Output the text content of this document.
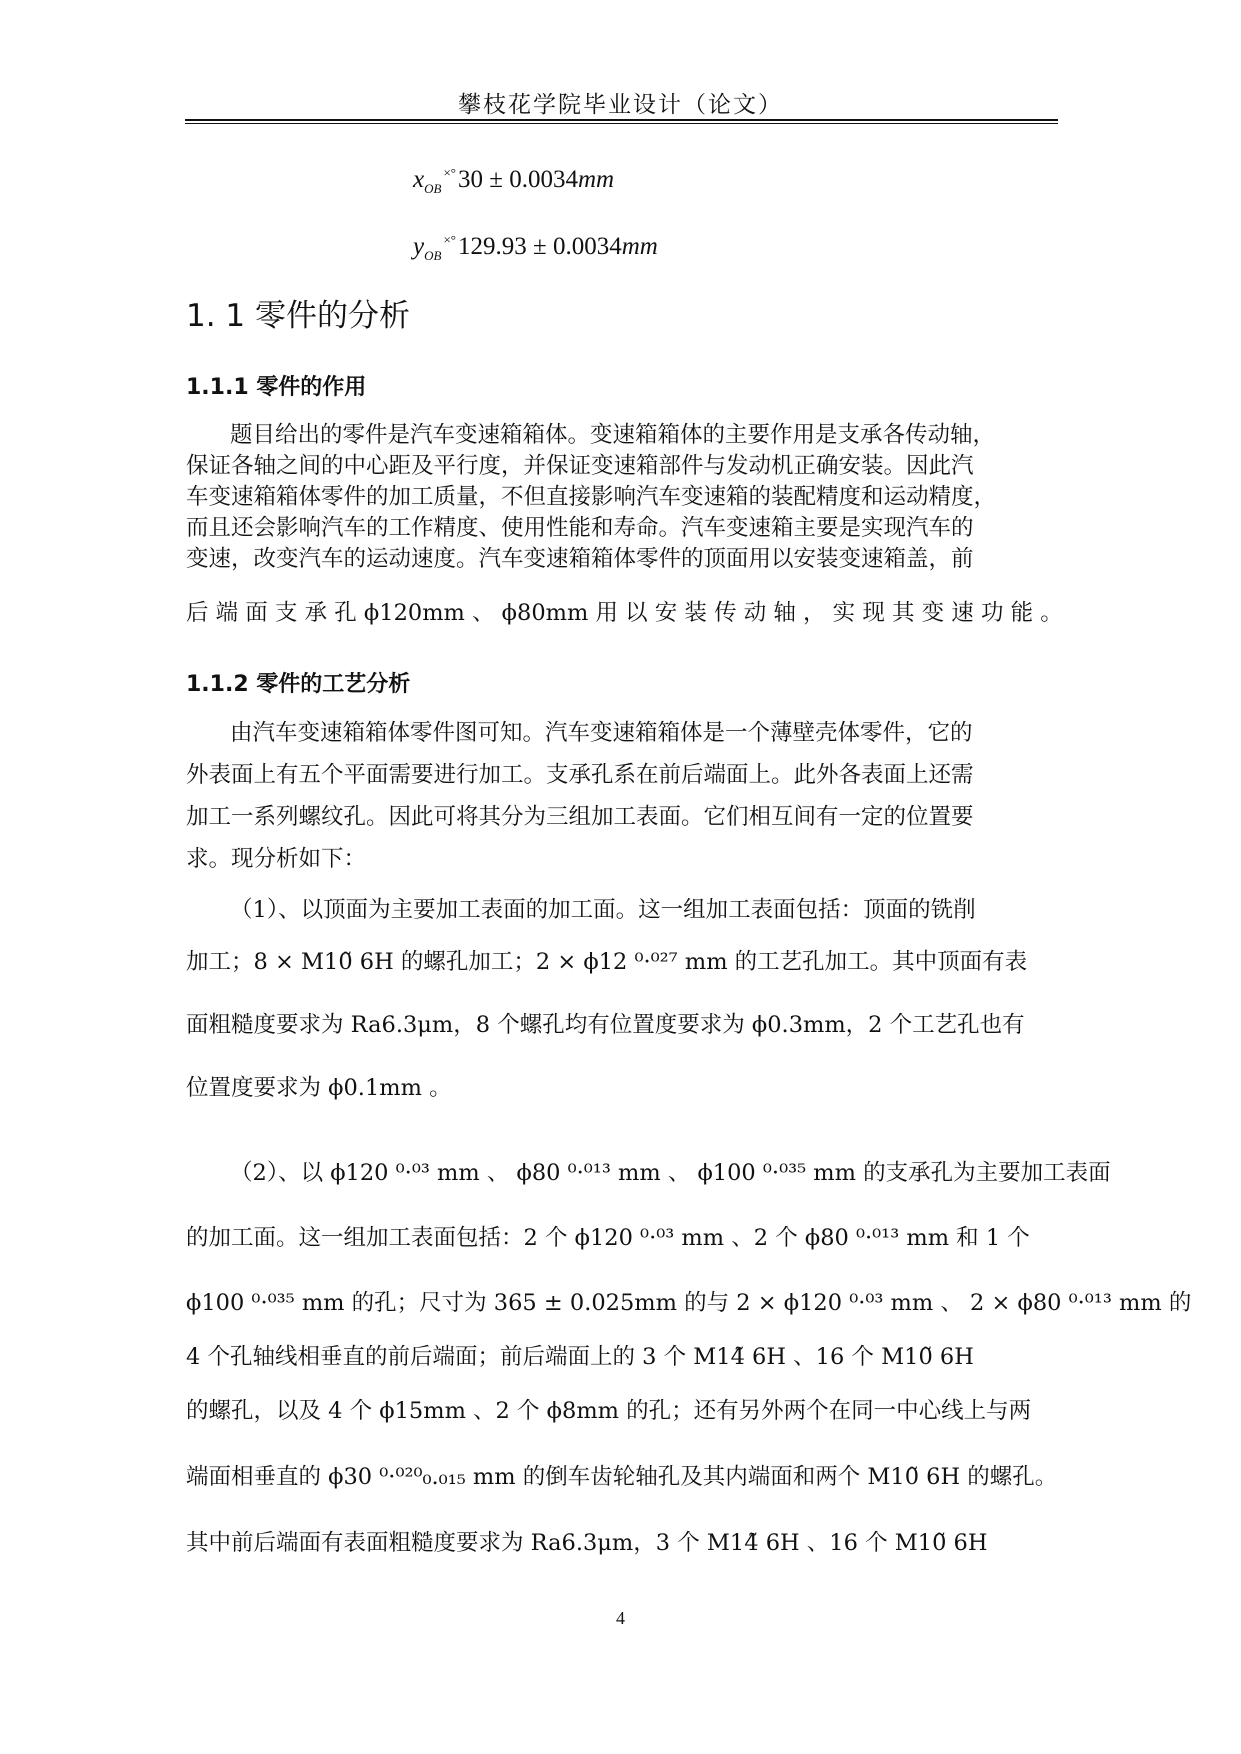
攀枝花学院毕业设计（论文）
$x_{OB}^{\times^\circ}30 \pm 0.0034mm$
$y_{OB}^{\times^\circ}129.93 \pm 0.0034mm$
1. 1 零件的分析
1.1.1 零件的作用
题目给出的零件是汽车变速箱箱体。变速箱箱体的主要作用是支承各传动轴，
保证各轴之间的中心距及平行度，并保证变速箱部件与发动机正确安装。因此汽
车变速箱箱体零件的加工质量，不但直接影响汽车变速箱的装配精度和运动精度，
而且还会影响汽车的工作精度、使用性能和寿命。汽车变速箱主要是实现汽车的
变速，改变汽车的运动速度。汽车变速箱箱体零件的顶面用以安装变速箱盖，前
后 端 面 支 承 孔 ϕ120mm 、 ϕ80mm 用 以 安 装 传 动 轴 ， 实 现 其 变 速 功 能 。
1.1.2 零件的工艺分析
由汽车变速箱箱体零件图可知。汽车变速箱箱体是一个薄壁壳体零件，它的
外表面上有五个平面需要进行加工。支承孔系在前后端面上。此外各表面上还需
加工一系列螺纹孔。因此可将其分为三组加工表面。它们相互间有一定的位置要
求。现分析如下：
（1）、以顶面为主要加工表面的加工面。这一组加工表面包括：顶面的铣削
加工；8 × M10̃ 6H 的螺孔加工；2 × ϕ12 ⁰·⁰²⁷ mm 的工艺孔加工。其中顶面有表
面粗糙度要求为 Ra6.3μm，8 个螺孔均有位置度要求为 ϕ0.3mm，2 个工艺孔也有
位置度要求为 ϕ0.1mm 。
（2）、以 ϕ120 ⁰·⁰³ mm 、 ϕ80 ⁰·⁰¹³ mm 、 ϕ100 ⁰·⁰³⁵ mm 的支承孔为主要加工表面
的加工面。这一组加工表面包括：2 个 ϕ120 ⁰·⁰³ mm 、2 个 ϕ80 ⁰·⁰¹³ mm 和 1 个
ϕ100 ⁰·⁰³⁵ mm 的孔；尺寸为 365 ± 0.025mm 的与 2 × ϕ120 ⁰·⁰³ mm 、 2 × ϕ80 ⁰·⁰¹³ mm 的
4 个孔轴线相垂直的前后端面；前后端面上的 3 个 M14̃ 6H 、16 个 M10̃ 6H
的螺孔，以及 4 个 ϕ15mm 、2 个 ϕ8mm 的孔；还有另外两个在同一中心线上与两
端面相垂直的 ϕ30 ⁰·⁰²⁰₀.₀₁₅ mm 的倒车齿轮轴孔及其内端面和两个 M10̃ 6H 的螺孔。
其中前后端面有表面粗糙度要求为 Ra6.3μm，3 个 M14̃ 6H 、16 个 M10̃ 6H
4
